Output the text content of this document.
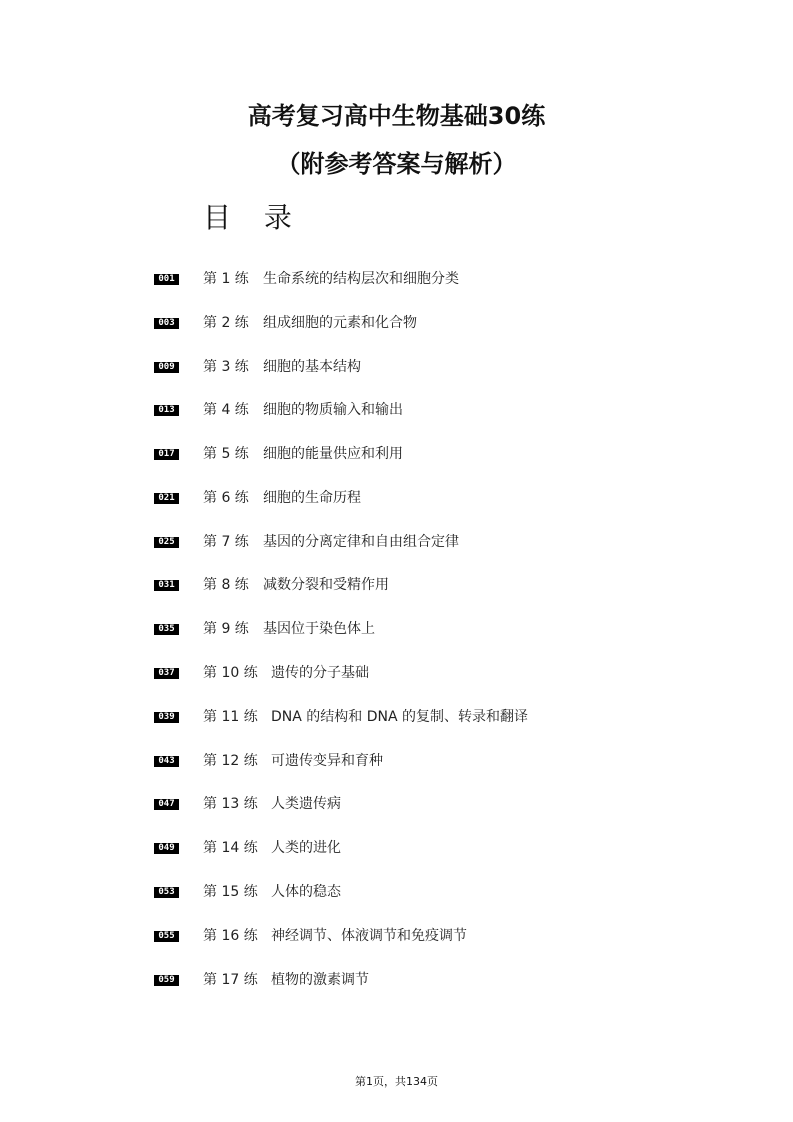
高考复习高中生物基础30练
（附参考答案与解析）
目 录
001	第 1 练 生命系统的结构层次和细胞分类
003	第 2 练 组成细胞的元素和化合物
009	第 3 练 细胞的基本结构
013	第 4 练 细胞的物质输入和输出
017	第 5 练 细胞的能量供应和利用
021	第 6 练 细胞的生命历程
025	第 7 练 基因的分离定律和自由组合定律
031	第 8 练 减数分裂和受精作用
035	第 9 练 基因位于染色体上
037	第 10 练 遗传的分子基础
039	第 11 练 DNA 的结构和 DNA 的复制、转录和翻译
043	第 12 练 可遗传变异和育种
047	第 13 练 人类遗传病
049	第 14 练 人类的进化
053	第 15 练 人体的稳态
055	第 16 练 神经调节、体液调节和免疫调节
059	第 17 练 植物的激素调节
第1页，共134页
